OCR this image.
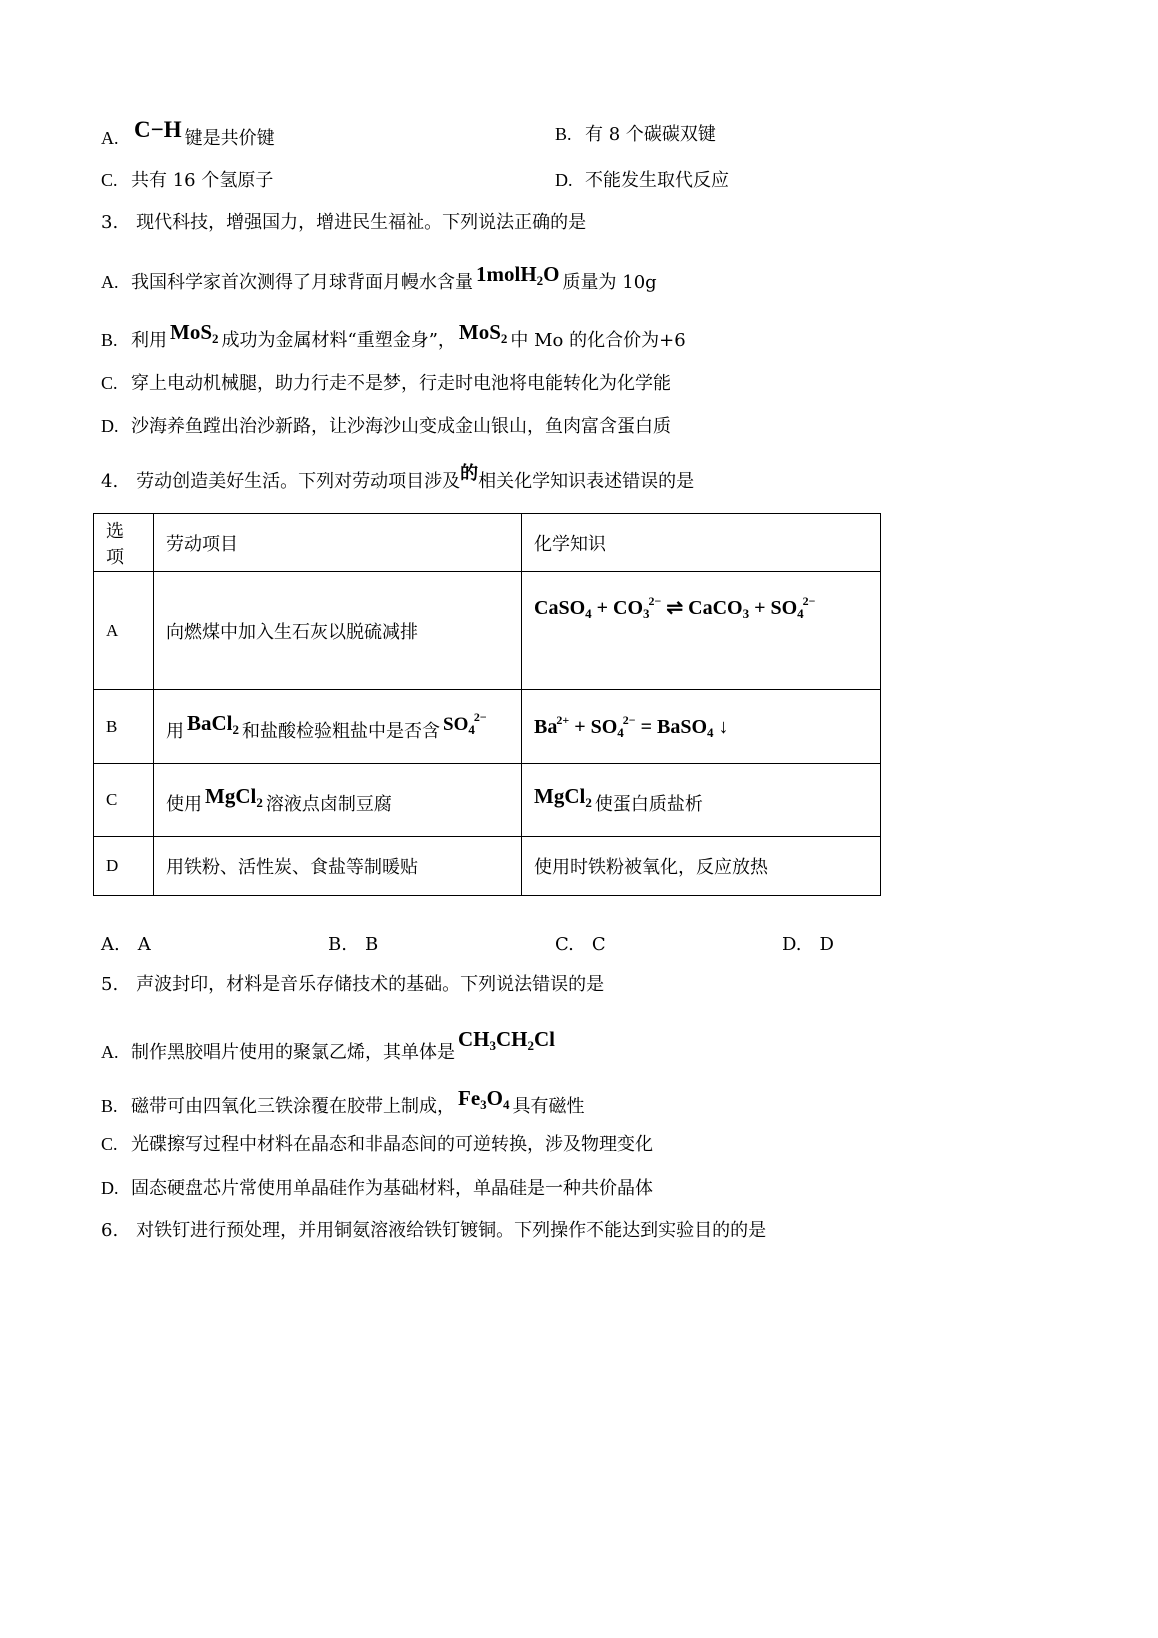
A. C−H 键是共价键	B. 有 8 个碳碳双键
C. 共有 16 个氢原子	D. 不能发生取代反应
3.　现代科技，增强国力，增进民生福祉。下列说法正确的是
A. 我国科学家首次测得了月球背面月幔水含量 1molH$_2$O 质量为 10g
B. 利用 MoS$_2$ 成功为金属材料“重塑金身”， MoS$_2$ 中 Mo 的化合价为+6
C. 穿上电动机械腿，助力行走不是梦，行走时电池将电能转化为化学能
D. 沙海养鱼蹚出治沙新路，让沙海沙山变成金山银山，鱼肉富含蛋白质
4.　劳动创造美好生活。下列对劳动项目涉及的相关化学知识表述错误的是
选项	劳动项目	化学知识
A	向燃煤中加入生石灰以脱硫减排	CaSO$_4$ + $CO_3^{2-}$ ⇌ CaCO$_3$ + $SO_4^{2-}$
B	用 BaCl$_2$ 和盐酸检验粗盐中是否含 $SO_4^{2-}$	$Ba^{2+} + SO_4^{2-}$ = BaSO$_4$ ↓
C	使用 MgCl$_2$ 溶液点卤制豆腐	MgCl$_2$ 使蛋白质盐析
D	用铁粉、活性炭、食盐等制暖贴	使用时铁粉被氧化，反应放热
A.　A	B.　B	C.　C	D.　D
5.　声波封印，材料是音乐存储技术的基础。下列说法错误的是
A. 制作黑胶唱片使用的聚氯乙烯，其单体是$CH_3CH_2Cl$
B. 磁带可由四氧化三铁涂覆在胶带上制成， $Fe_3O_4$ 具有磁性
C. 光碟擦写过程中材料在晶态和非晶态间的可逆转换，涉及物理变化
D. 固态硬盘芯片常使用单晶硅作为基础材料，单晶硅是一种共价晶体
6.　对铁钉进行预处理，并用铜氨溶液给铁钉镀铜。下列操作不能达到实验目的的是
